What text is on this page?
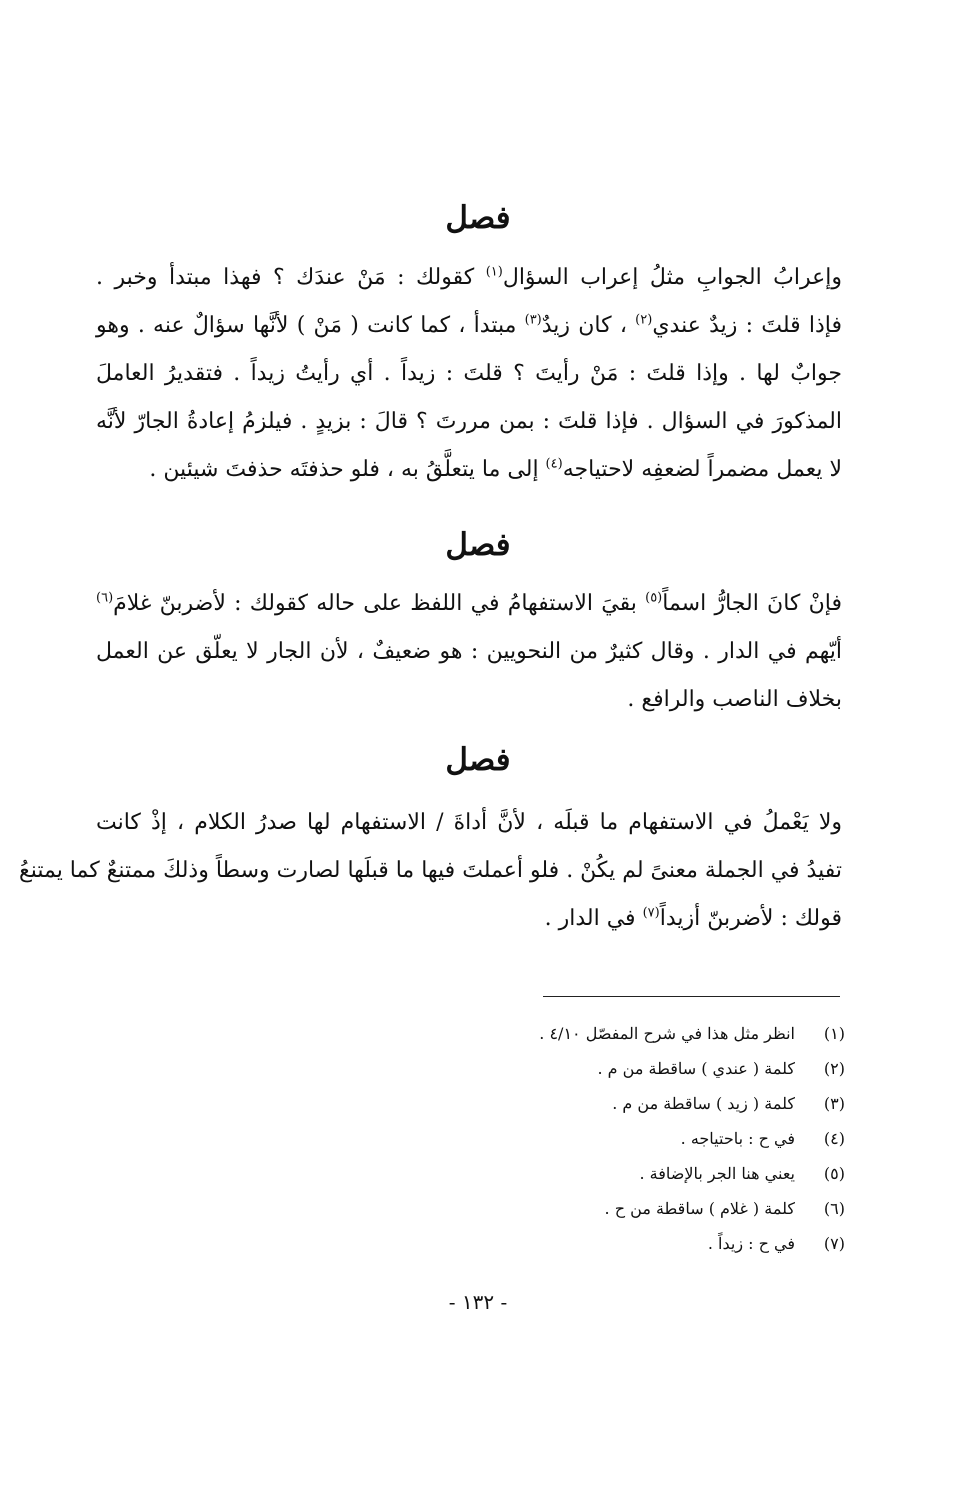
فصل
وإعرابُ الجوابِ مثلُ إعراب السؤال$^{(١)}$ كقولك : مَنْ عندَك ؟ فهذا مبتدأ وخبر .
فإذا قلتَ : زيدٌ عندي$^{(٢)}$ ، كان زيدٌ$^{(٣)}$ مبتدأ ، كما كانت ( مَنْ ) لأنَّها سؤالٌ عنه . وهو
جوابٌ لها . وإذا قلتَ : مَنْ رأيتَ ؟ قلتَ : زيداً . أي رأيتُ زيداً . فتقديرُ العاملَ
المذكورَ في السؤال . فإذا قلتَ : بمن مررتَ ؟ قالَ : بزيدٍ . فيلزمُ إعادةُ الجارّ لأنَّه
لا يعمل مضمراً لضعفِه لاحتياجه$^{(٤)}$ إلى ما يتعلَّقُ به ، فلو حذفتَه حذفتَ شيئين .
فصل
فإنْ كانَ الجارُّ اسماً$^{(٥)}$ بقيَ الاستفهامُ في اللفظ على حاله كقولك : لأضربنّ غلامَ$^{(٦)}$
أيّهم في الدار . وقال كثيرٌ من النحويين : هو ضعيفٌ ، لأن الجار لا يعلّق عن العمل
بخلاف الناصب والرافع .
فصل
ولا يَعْملُ في الاستفهام ما قبلَه ، لأنَّ أداةَ / الاستفهام لها صدرُ الكلام ، إذْ كانت
تفيدُ في الجملة معنىً لم يكُنْ . فلو أعملتَ فيها ما قبلَها لصارت وسطاً وذلكَ ممتنعٌ كما يمتنعُ
قولك : لأضربنّ أزيداً$^{(٧)}$ في الدار .
(١)
انظر مثل هذا في شرح المفصّل ٤/١٠ .
(٢)
كلمة ( عندي ) ساقطة من م .
(٣)
كلمة ( زيد ) ساقطة من م .
(٤)
في ح : باحتياجه .
(٥)
يعني هنا الجر بالإضافة .
(٦)
كلمة ( غلام ) ساقطة من ح .
(٧)
في ح : زيداً .
- ١٣٢ -
